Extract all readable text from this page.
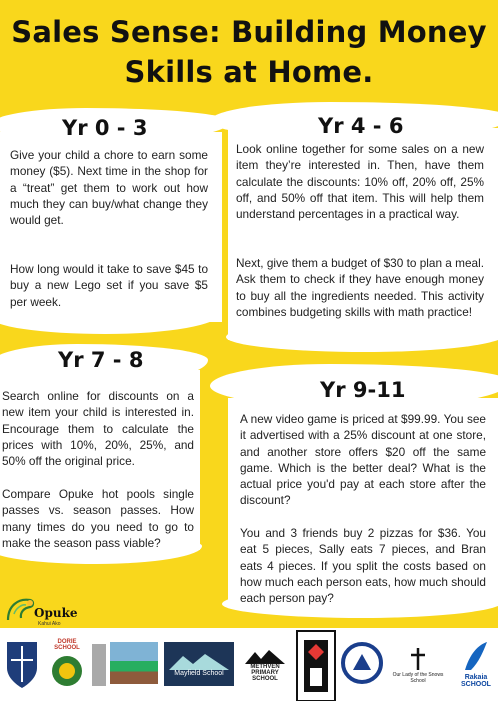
Sales Sense: Building Money
Skills at Home.
Yr 0 - 3
Give your child a chore to earn some money ($5). Next time in the shop for a “treat” get them to work out how much they can buy/what change they would get.
How long would it take to save $45 to buy a new Lego set if you save $5 per week.
Yr 4 - 6
Look online together for some sales on a new item they’re interested in. Then, have them calculate the discounts: 10% off, 20% off, 25% off, and 50% off that item. This will help them understand percentages in a practical way.
Next, give them a budget of $30 to plan a meal. Ask them to check if they have enough money to buy all the ingredients needed. This activity combines budgeting skills with math practice!
Yr 7 - 8
Search online for discounts on a new item your child is interested in. Encourage them to calculate the prices with 10%, 20%, 25%, and 50% off the original price.
Compare Opuke hot pools single passes vs. season passes. How many times do you need to go to make the season pass viable?
Yr 9-11
A new video game is priced at $99.99. You see it advertised with a 25% discount at one store, and another store offers $20 off the same game. Which is the better deal? What is the actual price you'd pay at each store after the discount?
You and 3 friends buy 2 pizzas for $36. You eat 5 pieces, Sally eats 7 pieces, and Bran eats 4 pieces. If you split the costs based on how much each person eats, how much should each person pay?
Opuke
Kahui Ako
DORIE SCHOOL
Mayfield School
METHVEN PRIMARY SCHOOL
Our Lady of the Snows School	Rakaia SCHOOL
